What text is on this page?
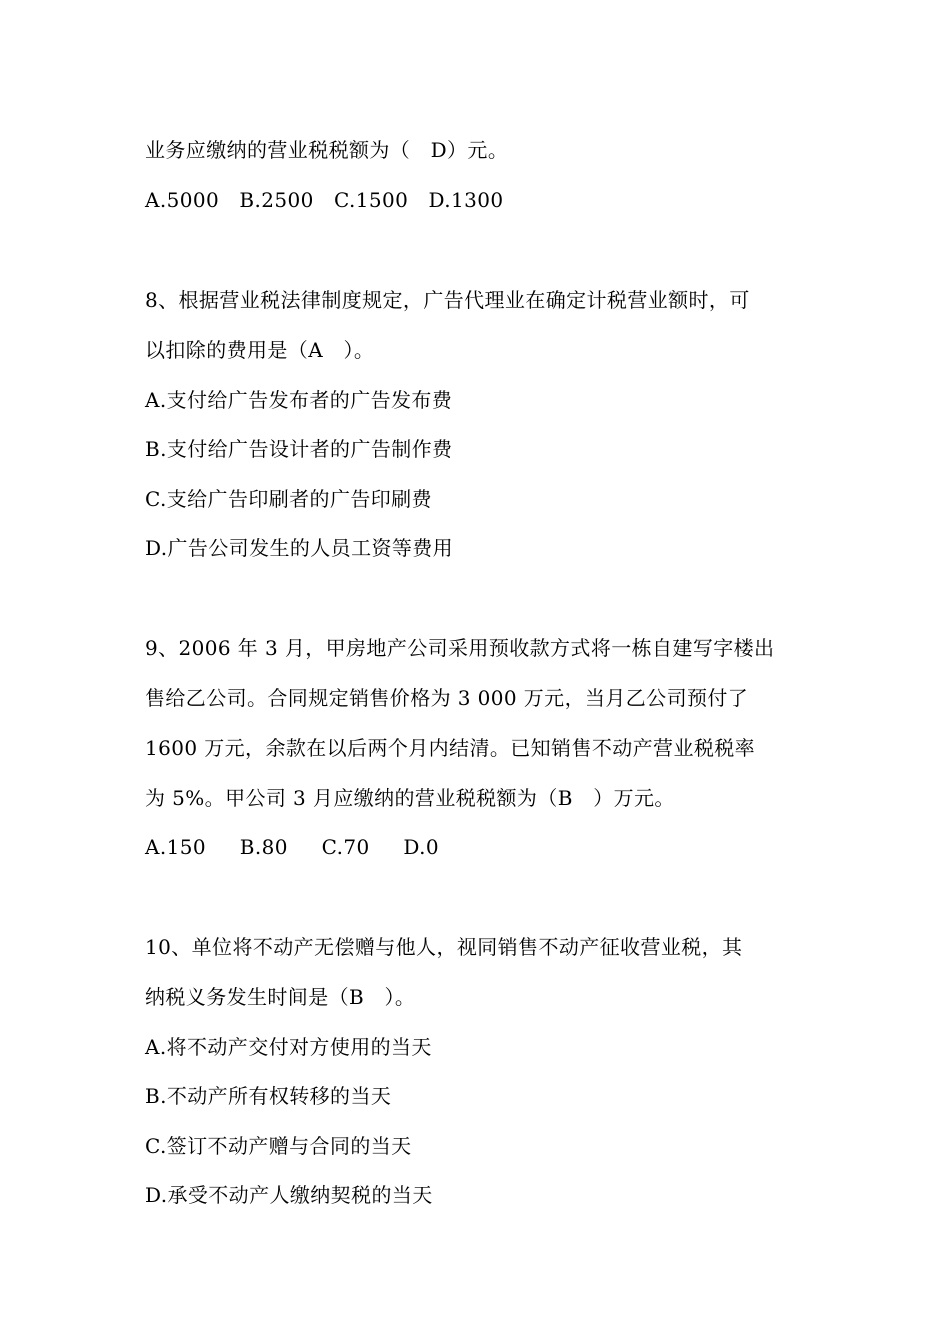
业务应缴纳的营业税税额为（　D）元。
A.5000   B.2500   C.1500   D.1300
8、根据营业税法律制度规定，广告代理业在确定计税营业额时，可
以扣除的费用是（A　）。
A.支付给广告发布者的广告发布费
B.支付给广告设计者的广告制作费
C.支给广告印刷者的广告印刷费
D.广告公司发生的人员工资等费用
9、2006 年 3 月，甲房地产公司采用预收款方式将一栋自建写字楼出
售给乙公司。合同规定销售价格为 3 000 万元，当月乙公司预付了
1600 万元，余款在以后两个月内结清。已知销售不动产营业税税率
为 5%。甲公司 3 月应缴纳的营业税税额为（B　）万元。
A.150     B.80     C.70     D.0
10、单位将不动产无偿赠与他人，视同销售不动产征收营业税，其
纳税义务发生时间是（B　）。
A.将不动产交付对方使用的当天
B.不动产所有权转移的当天
C.签订不动产赠与合同的当天
D.承受不动产人缴纳契税的当天
